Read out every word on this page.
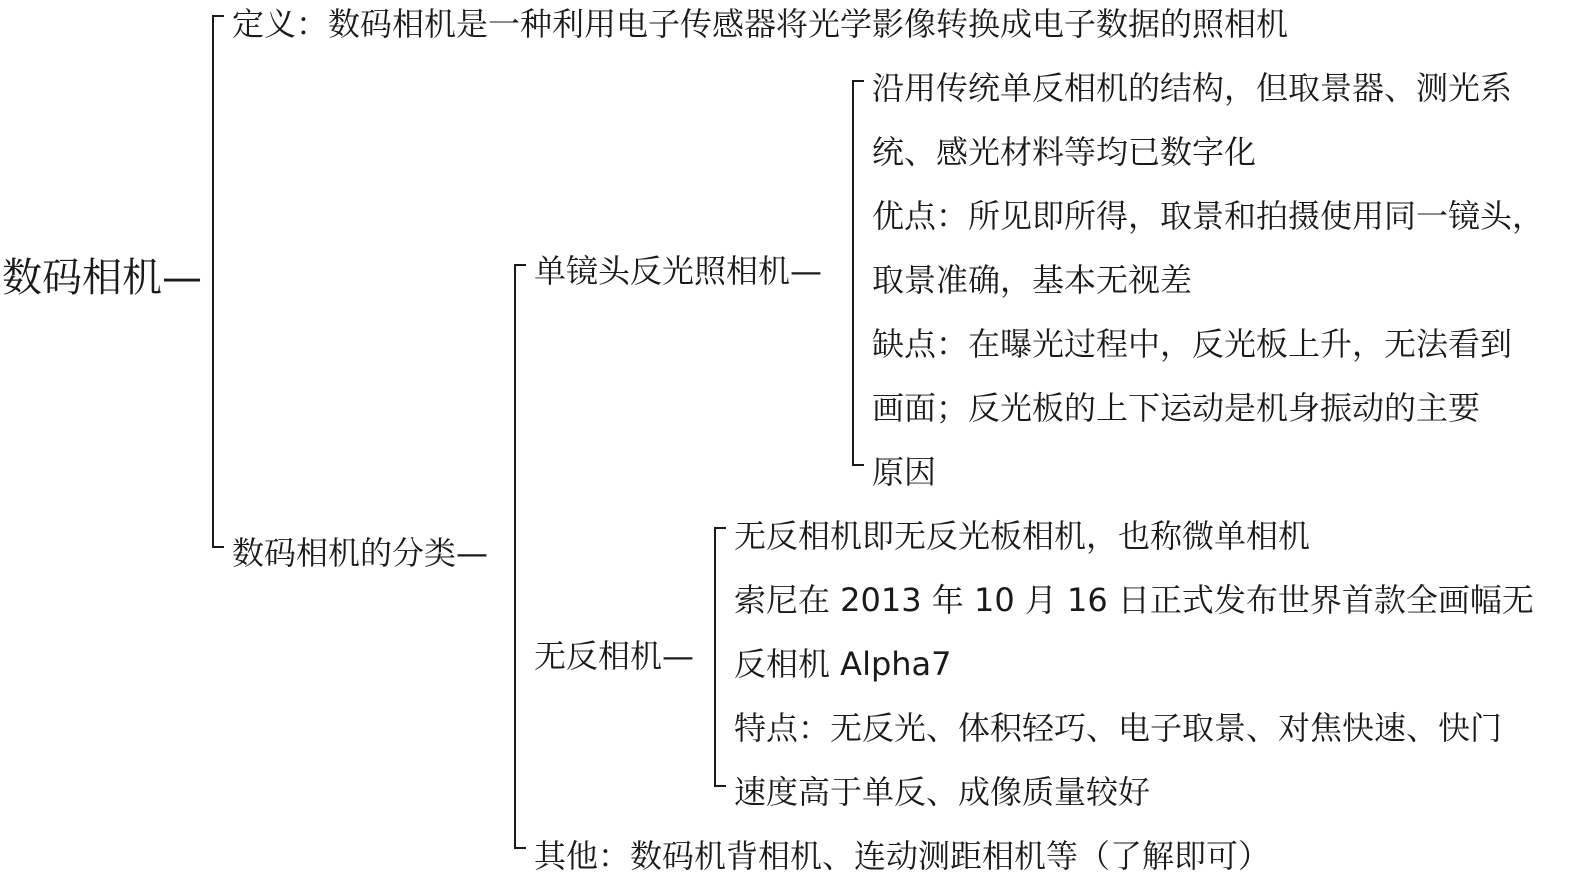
数码相机—
定义：数码相机是一种利用电子传感器将光学影像转换成电子数据的照相机
数码相机的分类—
单镜头反光照相机—
无反相机—
其他：数码机背相机、连动测距相机等（了解即可）
沿用传统单反相机的结构，但取景器、测光系
统、感光材料等均已数字化
优点：所见即所得，取景和拍摄使用同一镜头，
取景准确，基本无视差
缺点：在曝光过程中，反光板上升，无法看到
画面；反光板的上下运动是机身振动的主要
原因
无反相机即无反光板相机，也称微单相机
索尼在 2013 年 10 月 16 日正式发布世界首款全画幅无
反相机 Alpha7
特点：无反光、体积轻巧、电子取景、对焦快速、快门
速度高于单反、成像质量较好
